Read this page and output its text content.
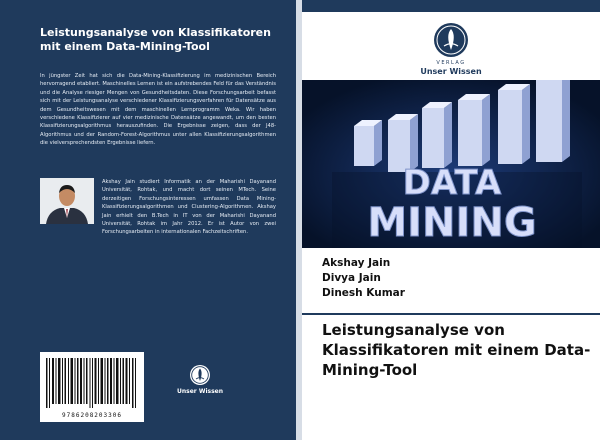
Leistungsanalyse von Klassifikatoren mit einem Data-Mining-Tool
In jüngster Zeit hat sich die Data-Mining-Klassifizierung im medizinischen Bereich hervorragend etabliert. Maschinelles Lernen ist ein aufstrebendes Feld für das Verständnis und die Analyse riesiger Mengen von Gesundheitsdaten. Diese Forschungsarbeit befasst sich mit der Leistungsanalyse verschiedener Klassifizierungsverfahren für Datensätze aus dem Gesundheitswesen mit dem maschinellen Lernprogramm Weka. Wir haben verschiedene Klassifizierer auf vier medizinische Datensätze angewandt, um den besten Klassifizierungsalgorithmus herauszufinden. Die Ergebnisse zeigen, dass der J48-Algorithmus und der Random-Forest-Algorithmus unter allen Klassifizierungsalgorithmen die vielversprechendsten Ergebnisse liefern.
Akshay Jain studiert Informatik an der Maharishi Dayanand Universität, Rohtak, und macht dort seinen MTech. Seine derzeitigen Forschungsinteressen umfassen Data Mining-Klassifizierungsalgorithmen und Clustering-Algorithmen. Akshay Jain erhielt den B.Tech in IT von der Maharishi Dayanand Universität, Rohtak im Jahr 2012. Er ist Autor von zwei Forschungsarbeiten in internationalen Fachzeitschriften.
9786208203306
Unser Wissen
VERLAG
Unser Wissen
DATA
MINING
Akshay Jain
Divya Jain
Dinesh Kumar
Leistungsanalyse von Klassifikatoren mit einem Data-Mining-Tool
